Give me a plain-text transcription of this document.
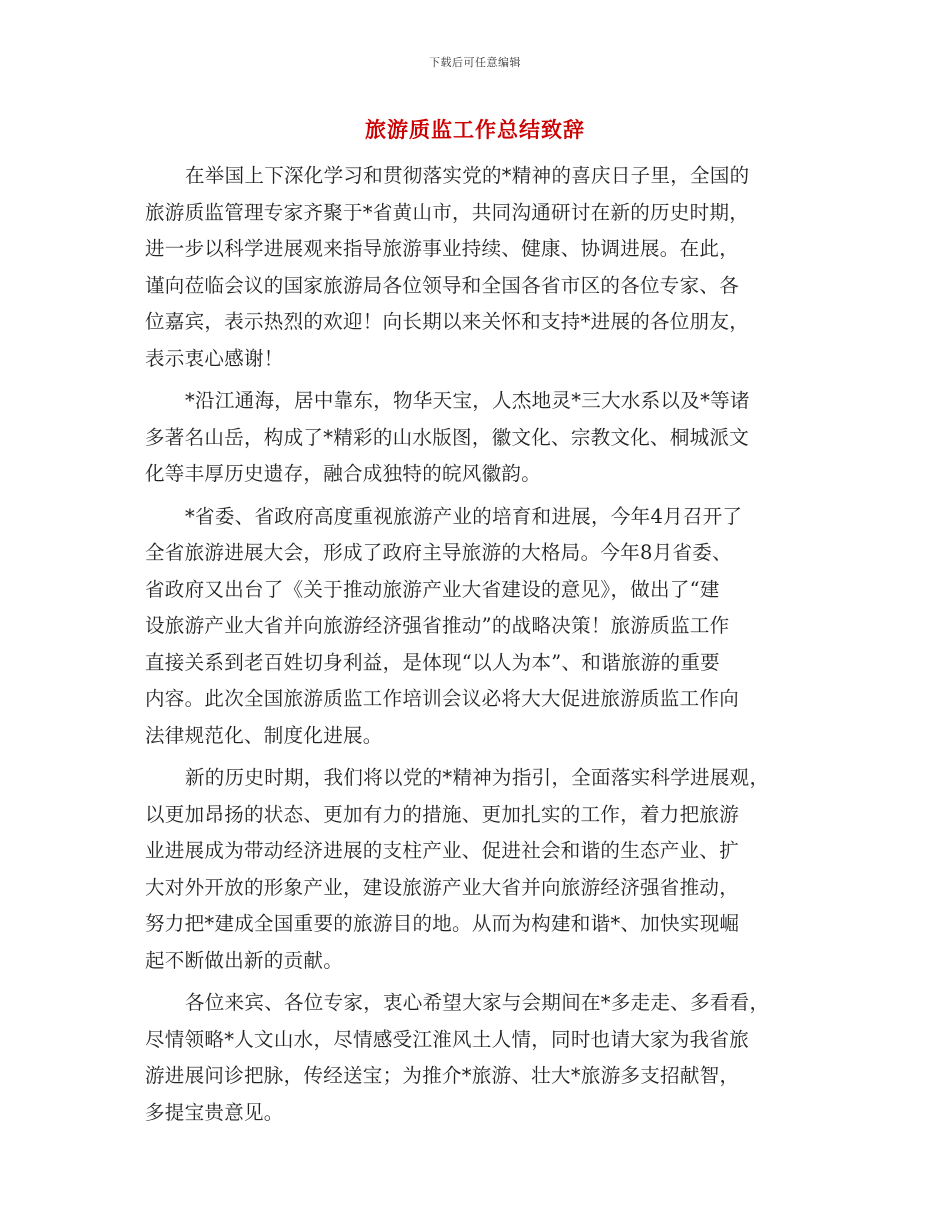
下载后可任意编辑
旅游质监工作总结致辞
在举国上下深化学习和贯彻落实党的*精神的喜庆日子里，全国的
旅游质监管理专家齐聚于*省黄山市，共同沟通研讨在新的历史时期，
进一步以科学进展观来指导旅游事业持续、健康、协调进展。在此，
谨向莅临会议的国家旅游局各位领导和全国各省市区的各位专家、各
位嘉宾，表示热烈的欢迎！向长期以来关怀和支持*进展的各位朋友，
表示衷心感谢！
*沿江通海，居中靠东，物华天宝，人杰地灵*三大水系以及*等诸
多著名山岳，构成了*精彩的山水版图，徽文化、宗教文化、桐城派文
化等丰厚历史遗存，融合成独特的皖风徽韵。
*省委、省政府高度重视旅游产业的培育和进展，今年4月召开了
全省旅游进展大会，形成了政府主导旅游的大格局。今年8月省委、
省政府又出台了《关于推动旅游产业大省建设的意见》，做出了“建
设旅游产业大省并向旅游经济强省推动”的战略决策！旅游质监工作
直接关系到老百姓切身利益，是体现“以人为本”、和谐旅游的重要
内容。此次全国旅游质监工作培训会议必将大大促进旅游质监工作向
法律规范化、制度化进展。
新的历史时期，我们将以党的*精神为指引，全面落实科学进展观，
以更加昂扬的状态、更加有力的措施、更加扎实的工作，着力把旅游
业进展成为带动经济进展的支柱产业、促进社会和谐的生态产业、扩
大对外开放的形象产业，建设旅游产业大省并向旅游经济强省推动，
努力把*建成全国重要的旅游目的地。从而为构建和谐*、加快实现崛
起不断做出新的贡献。
各位来宾、各位专家，衷心希望大家与会期间在*多走走、多看看，
尽情领略*人文山水，尽情感受江淮风土人情，同时也请大家为我省旅
游进展问诊把脉，传经送宝；为推介*旅游、壮大*旅游多支招献智，
多提宝贵意见。
